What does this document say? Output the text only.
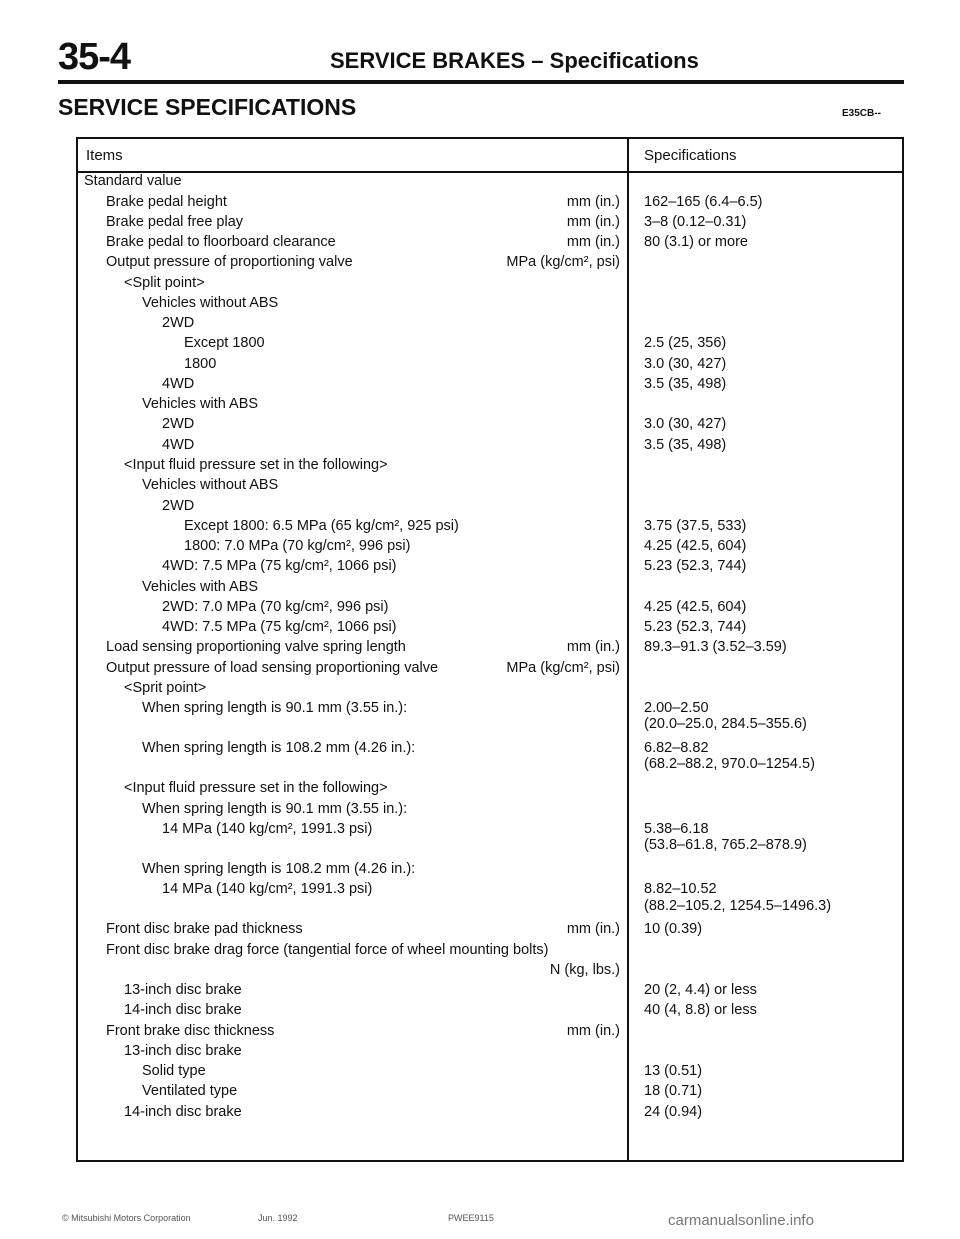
35-4	SERVICE BRAKES – Specifications
SERVICE SPECIFICATIONS	E35CB--
Items	Specifications
Standard value
Brake pedal height	mm (in.) 162–165 (6.4–6.5)
Brake pedal free play	mm (in.) 3–8 (0.12–0.31)
Brake pedal to floorboard clearance	mm (in.) 80 (3.1) or more
Output pressure of proportioning valve	MPa (kg/cm², psi)
<Split point>
Vehicles without ABS
2WD
Except 1800	2.5 (25, 356)
1800	3.0 (30, 427)
4WD	3.5 (35, 498)
Vehicles with ABS
2WD	3.0 (30, 427)
4WD	3.5 (35, 498)
<Input fluid pressure set in the following>
Vehicles without ABS
2WD
Except 1800: 6.5 MPa (65 kg/cm², 925 psi)	3.75 (37.5, 533)
1800: 7.0 MPa (70 kg/cm², 996 psi)	4.25 (42.5, 604)
4WD: 7.5 MPa (75 kg/cm², 1066 psi)	5.23 (52.3, 744)
Vehicles with ABS
2WD: 7.0 MPa (70 kg/cm², 996 psi)	4.25 (42.5, 604)
4WD: 7.5 MPa (75 kg/cm², 1066 psi)	5.23 (52.3, 744)
Load sensing proportioning valve spring length	mm (in.) 89.3–91.3 (3.52–3.59)
Output pressure of load sensing proportioning valve	MPa (kg/cm², psi)
<Sprit point>
When spring length is 90.1 mm (3.55 in.):	2.00–2.50
(20.0–25.0, 284.5–355.6)
When spring length is 108.2 mm (4.26 in.):	6.82–8.82
(68.2–88.2, 970.0–1254.5)
<Input fluid pressure set in the following>
When spring length is 90.1 mm (3.55 in.):
14 MPa (140 kg/cm², 1991.3 psi)	5.38–6.18
(53.8–61.8, 765.2–878.9)
When spring length is 108.2 mm (4.26 in.):
14 MPa (140 kg/cm², 1991.3 psi)	8.82–10.52
(88.2–105.2, 1254.5–1496.3)
Front disc brake pad thickness	mm (in.) 10 (0.39)
Front disc brake drag force (tangential force of wheel mounting bolts)
N (kg, lbs.)
13-inch disc brake	20 (2, 4.4) or less
14-inch disc brake	40 (4, 8.8) or less
Front brake disc thickness	mm (in.)
13-inch disc brake
Solid type	13 (0.51)
Ventilated type	18 (0.71)
14-inch disc brake	24 (0.94)
© Mitsubishi Motors Corporation	Jun. 1992	PWEE9115	carmanualsonline.info
